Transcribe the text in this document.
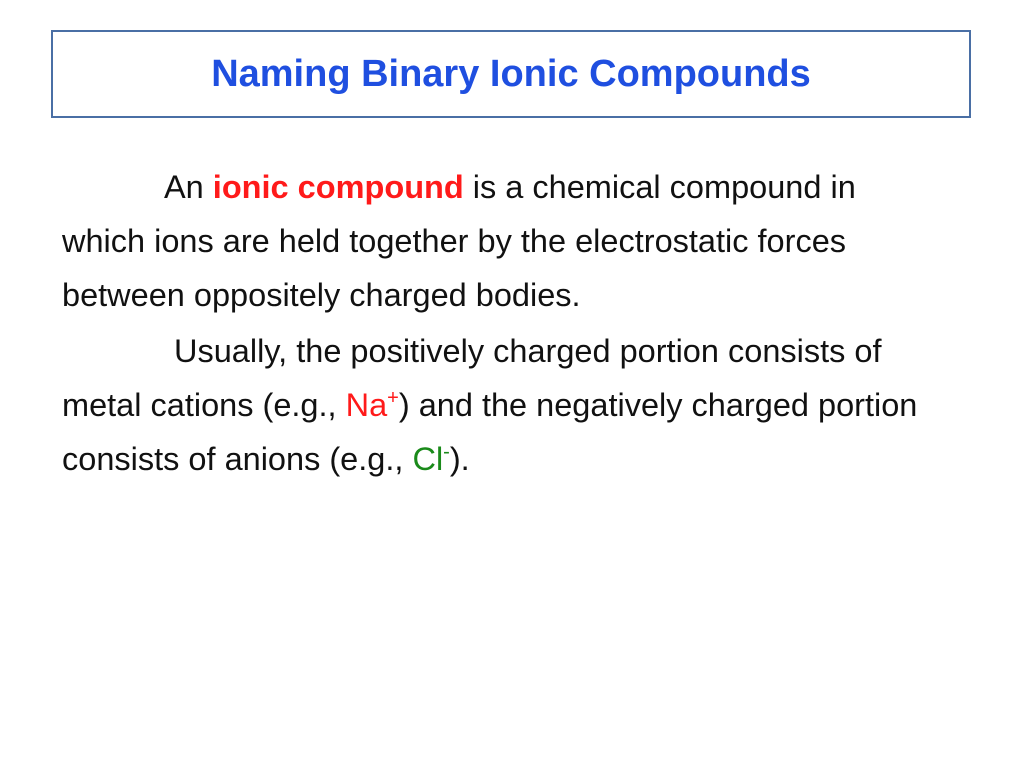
Naming Binary Ionic Compounds

An ionic compound is a chemical compound in which ions are held together by the electrostatic forces between oppositely charged bodies.

Usually, the positively charged portion consists of metal cations (e.g., Na+) and the negatively charged portion consists of anions (e.g., Cl-).
